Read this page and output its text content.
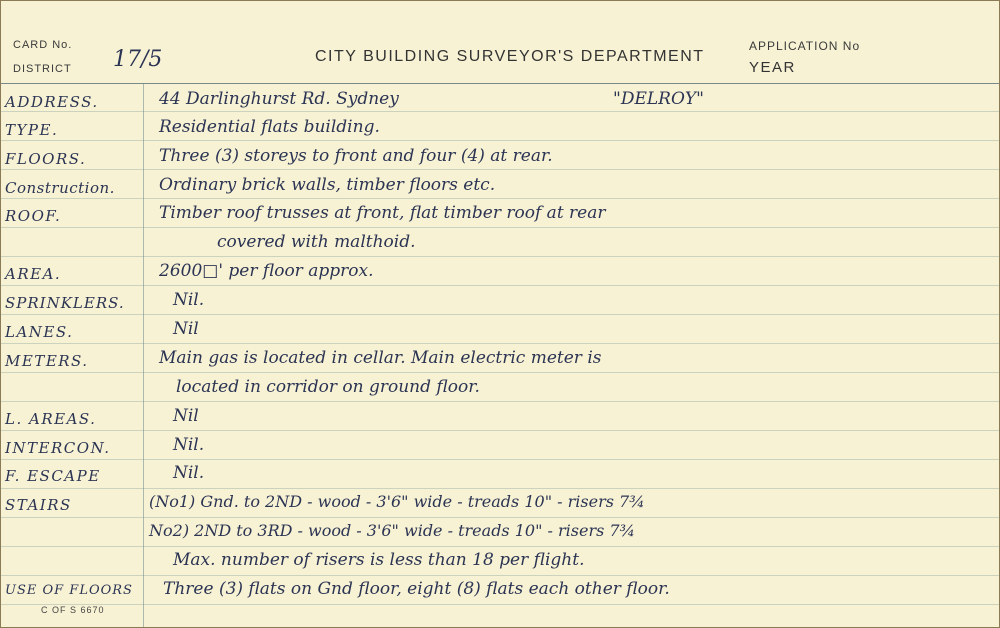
CARD No.
DISTRICT 17/5	CITY BUILDING SURVEYOR'S DEPARTMENT
APPLICATION No
YEAR
ADDRESS.	44 Darlinghurst Rd. Sydney	"DELROY"
TYPE.	Residential flats building.
FLOORS.	Three (3) storeys to front and four (4) at rear.
Construction.	Ordinary brick walls, timber floors etc.
ROOF.	Timber roof trusses at front, flat timber roof at rear
covered with malthoid.
AREA.	2600□' per floor approx.
SPRINKLERS.	Nil.
LANES.	Nil
METERS.	Main gas is located in cellar. Main electric meter is
located in corridor on ground floor.
L. AREAS.	Nil
INTERCON.	Nil.
F. ESCAPE	Nil.
STAIRS	(No1) Gnd. to 2ND - wood - 3'6" wide - treads 10" - risers 7¾
No2) 2ND to 3RD - wood - 3'6" wide - treads 10" - risers 7¾
Max. number of risers is less than 18 per flight.
USE OF FLOORS	Three (3) flats on Gnd floor, eight (8) flats each other floor.
C OF S 6670
